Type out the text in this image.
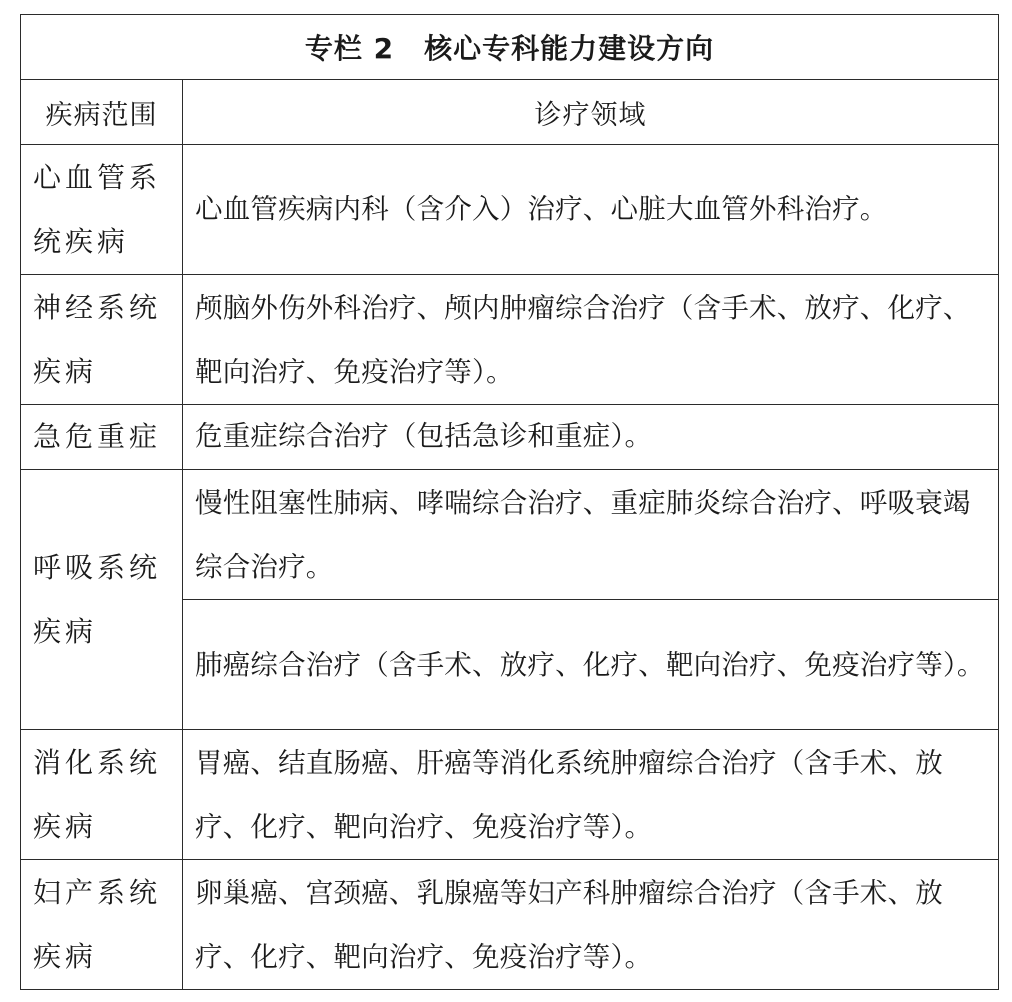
专栏 2 核心专科能力建设方向	
疾病范围	诊疗领域
心血管系统疾病	心血管疾病内科（含介入）治疗、心脏大血管外科治疗。
神经系统疾病	颅脑外伤外科治疗、颅内肿瘤综合治疗（含手术、放疗、化疗、靶向治疗、免疫治疗等）。
急危重症	危重症综合治疗（包括急诊和重症）。
呼吸系统疾病	慢性阻塞性肺病、哮喘综合治疗、重症肺炎综合治疗、呼吸衰竭综合治疗。
	肺癌综合治疗（含手术、放疗、化疗、靶向治疗、免疫治疗等）。
消化系统疾病	胃癌、结直肠癌、肝癌等消化系统肿瘤综合治疗（含手术、放疗、化疗、靶向治疗、免疫治疗等）。
妇产系统疾病	卵巢癌、宫颈癌、乳腺癌等妇产科肿瘤综合治疗（含手术、放疗、化疗、靶向治疗、免疫治疗等）。
